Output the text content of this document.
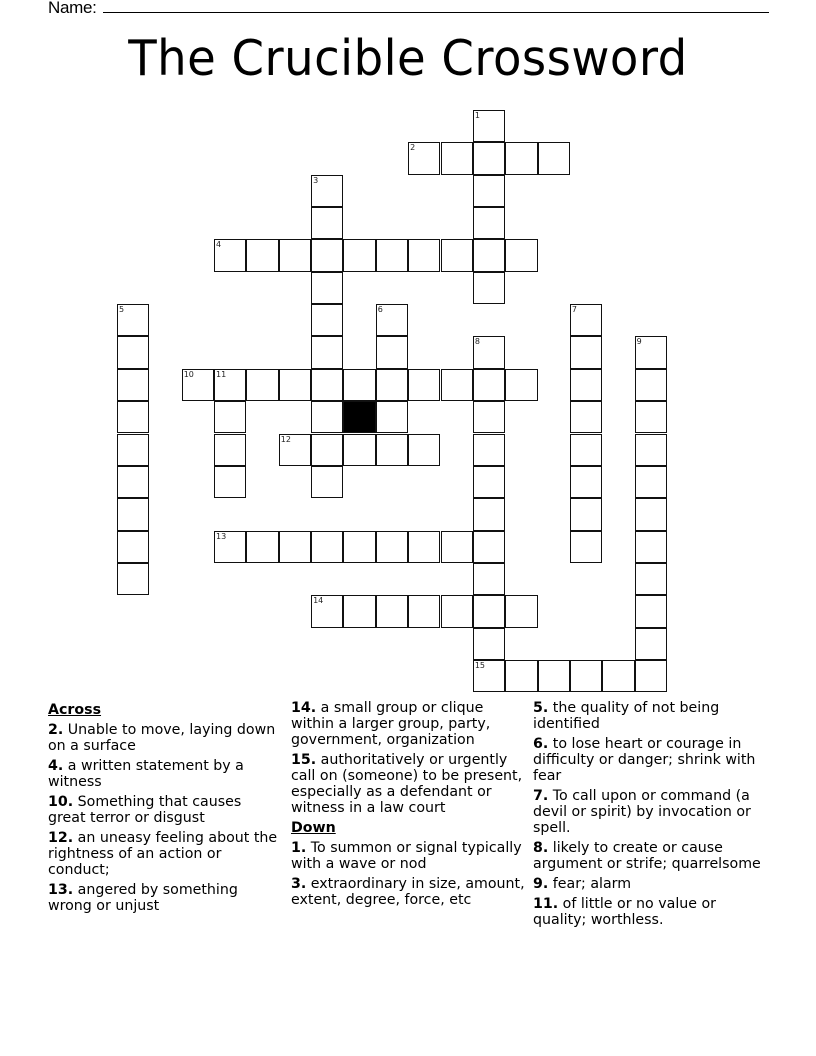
Name:
The Crucible Crossword
1
2
3
4
5	6	7
8
15
9
10	11
12
13
14
Across
2. Unable to move, laying down on a surface
4. a written statement by a witness
10. Something that causes great terror or disgust
12. an uneasy feeling about the rightness of an action or conduct;
13. angered by something wrong or unjust
14. a small group or clique within a larger group, party, government, organization
15. authoritatively or urgently call on (someone) to be present, especially as a defendant or witness in a law court
Down
1. To summon or signal typically with a wave or nod
3. extraordinary in size, amount, extent, degree, force, etc
5. the quality of not being identified
6. to lose heart or courage in difficulty or danger; shrink with fear
7. To call upon or command (a devil or spirit) by invocation or spell.
8. likely to create or cause argument or strife; quarrelsome
9. fear; alarm
11. of little or no value or quality; worthless.
